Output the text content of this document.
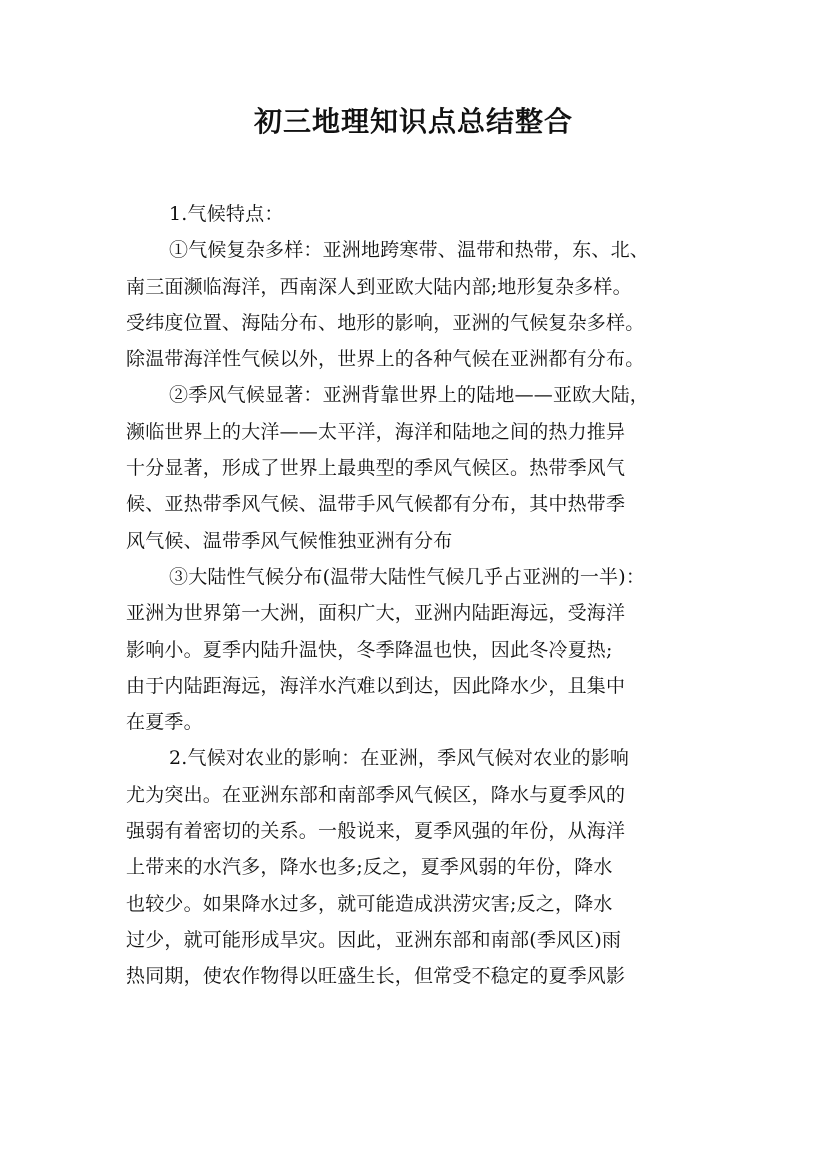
初三地理知识点总结整合
1.气候特点：
①气候复杂多样：亚洲地跨寒带、温带和热带，东、北、
南三面濒临海洋，西南深人到亚欧大陆内部;地形复杂多样。
受纬度位置、海陆分布、地形的影响，亚洲的气候复杂多样。
除温带海洋性气候以外，世界上的各种气候在亚洲都有分布。
②季风气候显著：亚洲背靠世界上的陆地——亚欧大陆，
濒临世界上的大洋——太平洋，海洋和陆地之间的热力推异
十分显著，形成了世界上最典型的季风气候区。热带季风气
候、亚热带季风气候、温带手风气候都有分布，其中热带季
风气候、温带季风气候惟独亚洲有分布
③大陆性气候分布(温带大陆性气候几乎占亚洲的一半)：
亚洲为世界第一大洲，面积广大，亚洲内陆距海远，受海洋
影响小。夏季内陆升温快，冬季降温也快，因此冬冷夏热;
由于内陆距海远，海洋水汽难以到达，因此降水少，且集中
在夏季。
2.气候对农业的影响：在亚洲，季风气候对农业的影响
尤为突出。在亚洲东部和南部季风气候区，降水与夏季风的
强弱有着密切的关系。一般说来，夏季风强的年份，从海洋
上带来的水汽多，降水也多;反之，夏季风弱的年份，降水
也较少。如果降水过多，就可能造成洪涝灾害;反之，降水
过少，就可能形成旱灾。因此，亚洲东部和南部(季风区)雨
热同期，使农作物得以旺盛生长，但常受不稳定的夏季风影
